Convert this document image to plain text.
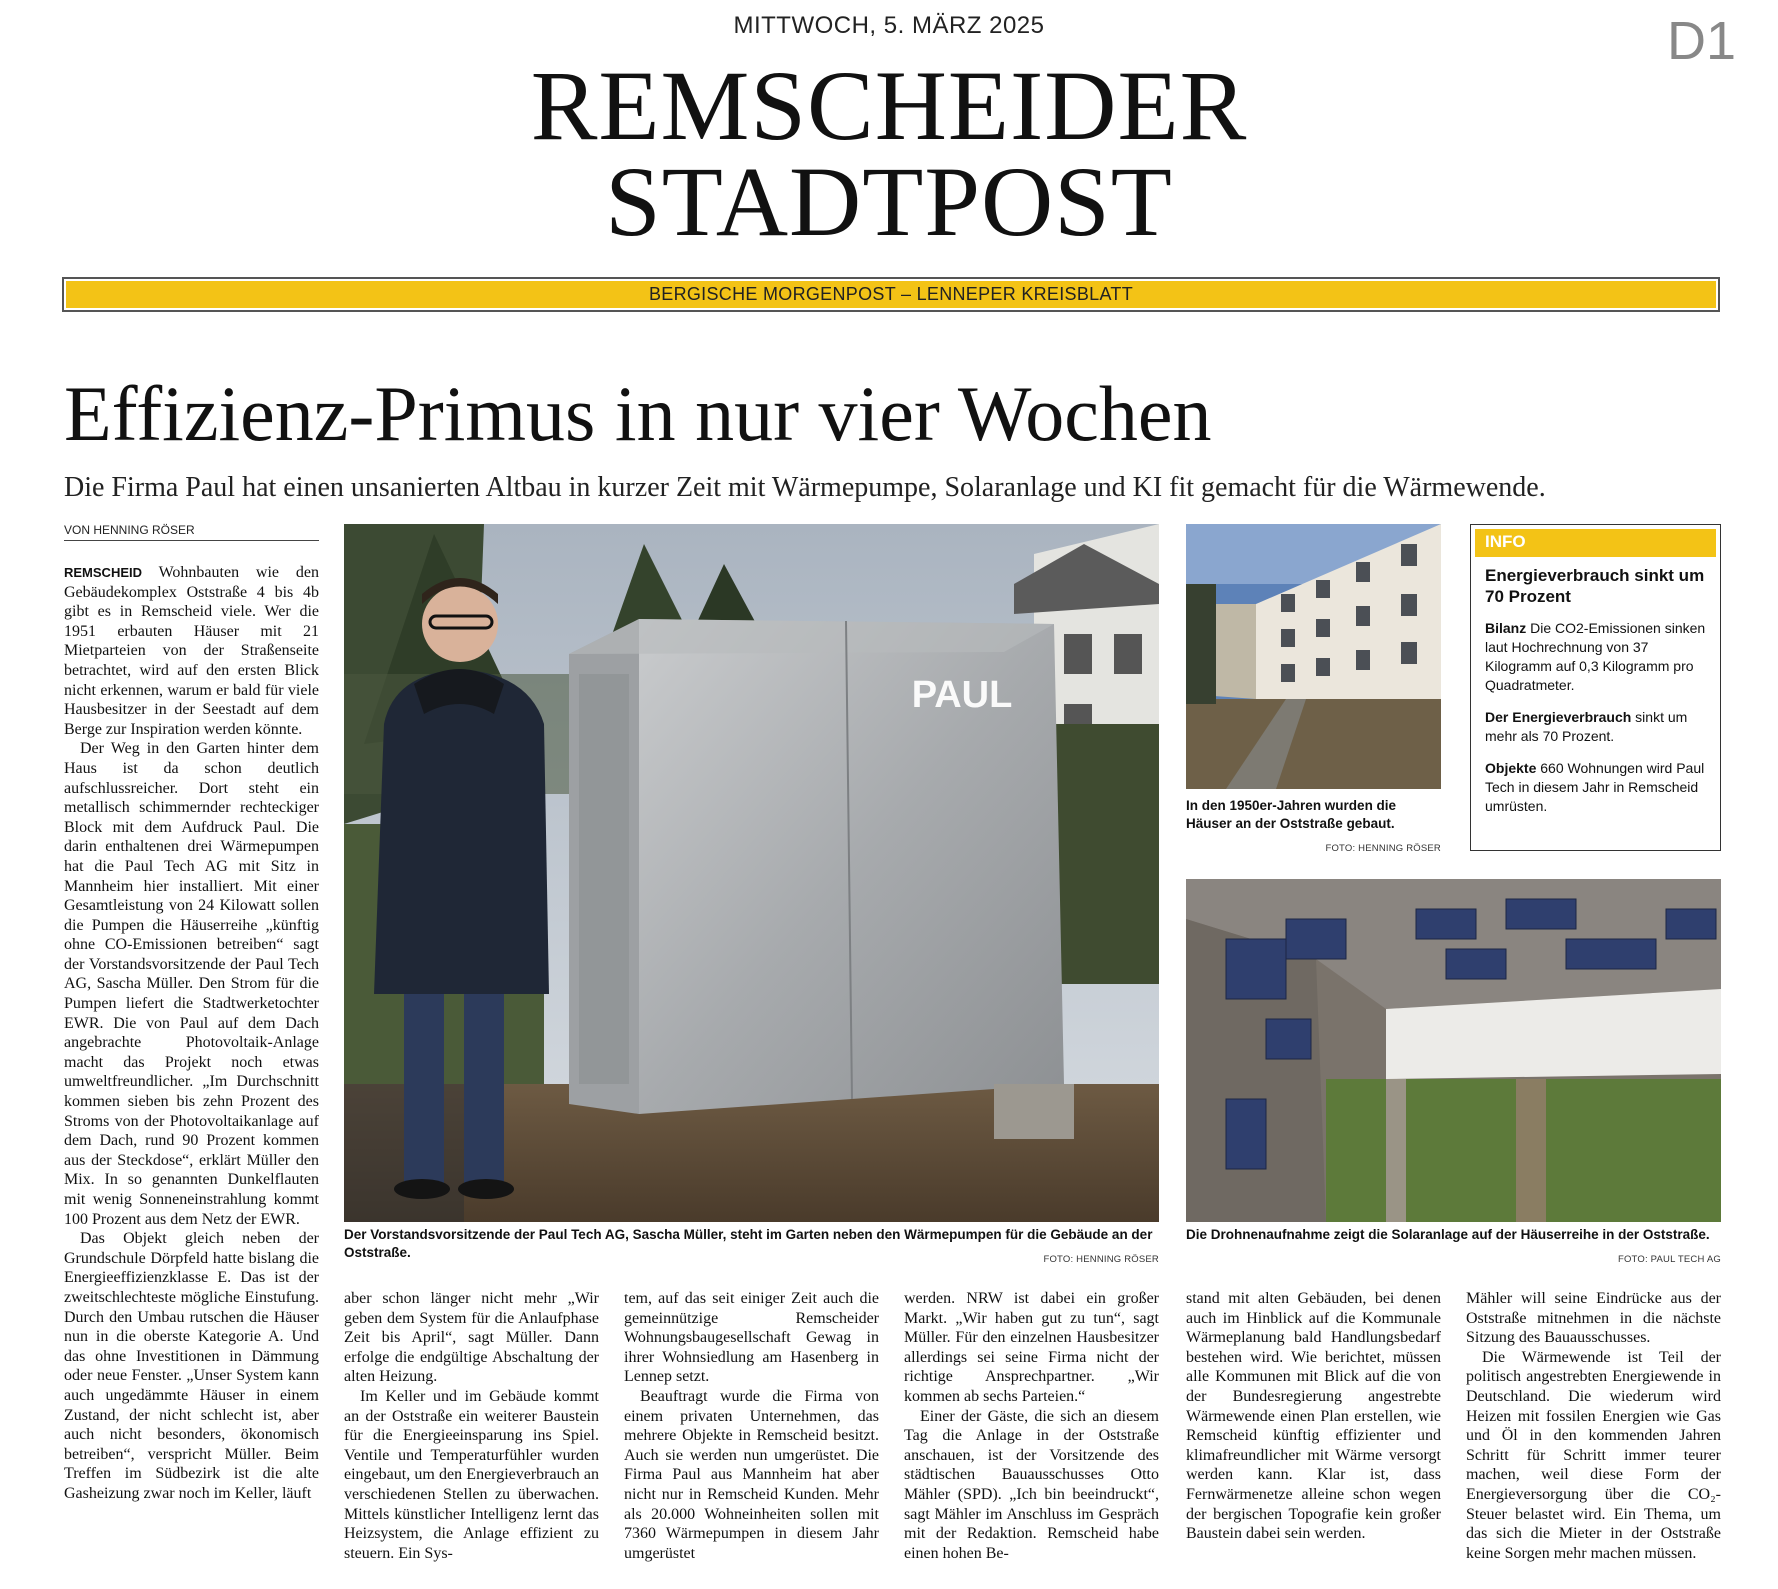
MITTWOCH, 5. MÄRZ 2025	D1
REMSCHEIDER
STADTPOST
BERGISCHE MORGENPOST – LENNEPER KREISBLATT
Effizienz-Primus in nur vier Wochen
Die Firma Paul hat einen unsanierten Altbau in kurzer Zeit mit Wärmepumpe, Solaranlage und KI fit gemacht für die Wärmewende.
VON HENNING RÖSER

REMSCHEID Wohnbauten wie den Gebäudekomplex Oststraße 4 bis 4b gibt es in Remscheid viele. Wer die 1951 erbauten Häuser mit 21 Mietparteien von der Straßenseite betrachtet, wird auf den ersten Blick nicht erkennen, warum er bald für viele Hausbesitzer in der Seestadt auf dem Berge zur Inspiration werden könnte.

Der Weg in den Garten hinter dem Haus ist da schon deutlich aufschlussreicher. Dort steht ein metallisch schimmernder rechteckiger Block mit dem Aufdruck Paul. Die darin enthaltenen drei Wärmepumpen hat die Paul Tech AG mit Sitz in Mannheim hier installiert. Mit einer Gesamtleistung von 24 Kilowatt sollen die Pumpen die Häuserreihe „künftig ohne CO-Emissionen betreiben“ sagt der Vorstandsvorsitzende der Paul Tech AG, Sascha Müller. Den Strom für die Pumpen liefert die Stadtwerketochter EWR. Die von Paul auf dem Dach angebrachte Photovoltaik-Anlage macht das Projekt noch etwas umweltfreundlicher. „Im Durchschnitt kommen sieben bis zehn Prozent des Stroms von der Photovoltaikanlage auf dem Dach, rund 90 Prozent kommen aus der Steckdose“, erklärt Müller den Mix. In so genannten Dunkelflauten mit wenig Sonneneinstrahlung kommt 100 Prozent aus dem Netz der EWR.

Das Objekt gleich neben der Grundschule Dörpfeld hatte bislang die Energieeffizienzklasse E. Das ist der zweitschlechteste mögliche Einstufung. Durch den Umbau rutschen die Häuser nun in die oberste Kategorie A. Und das ohne Investitionen in Dämmung oder neue Fenster. „Unser System kann auch ungedämmte Häuser in einem Zustand, der nicht schlecht ist, aber auch nicht besonders, ökonomisch betreiben“, verspricht Müller. Beim Treffen im Südbezirk ist die alte Gasheizung zwar noch im Keller, läuft

PAUL
Der Vorstandsvorsitzende der Paul Tech AG, Sascha Müller, steht im Garten neben den Wärmepumpen für die Gebäude an der Oststraße.	FOTO: HENNING RÖSER
In den 1950er-Jahren wurden die Häuser an der Oststraße gebaut.
FOTO: HENNING RÖSER
INFO
Energieverbrauch sinkt um 70 Prozent
Bilanz Die CO2-Emissionen sinken laut Hochrechnung von 37 Kilogramm auf 0,3 Kilogramm pro Quadratmeter.
Der Energieverbrauch sinkt um mehr als 70 Prozent.
Objekte 660 Wohnungen wird Paul Tech in diesem Jahr in Remscheid umrüsten.
Die Drohnenaufnahme zeigt die Solaranlage auf der Häuserreihe in der Oststraße.
FOTO: PAUL TECH AG

aber schon länger nicht mehr „Wir geben dem System für die Anlaufphase Zeit bis April“, sagt Müller. Dann erfolge die endgültige Abschaltung der alten Heizung.

Im Keller und im Gebäude kommt an der Oststraße ein weiterer Baustein für die Energieeinsparung ins Spiel. Ventile und Temperaturfühler wurden eingebaut, um den Energieverbrauch an verschiedenen Stellen zu überwachen. Mittels künstlicher Intelligenz lernt das Heizsystem, die Anlage effizient zu steuern. Ein Sys-

tem, auf das seit einiger Zeit auch die gemeinnützige Remscheider Wohnungsbaugesellschaft Gewag in ihrer Wohnsiedlung am Hasenberg in Lennep setzt.

Beauftragt wurde die Firma von einem privaten Unternehmen, das mehrere Objekte in Remscheid besitzt. Auch sie werden nun umgerüstet. Die Firma Paul aus Mannheim hat aber nicht nur in Remscheid Kunden. Mehr als 20.000 Wohneinheiten sollen mit 7360 Wärmepumpen in diesem Jahr umgerüstet

werden. NRW ist dabei ein großer Markt. „Wir haben gut zu tun“, sagt Müller. Für den einzelnen Hausbesitzer allerdings sei seine Firma nicht der richtige Ansprechpartner. „Wir kommen ab sechs Parteien.“

Einer der Gäste, die sich an diesem Tag die Anlage in der Oststraße anschauen, ist der Vorsitzende des städtischen Bauausschusses Otto Mähler (SPD). „Ich bin beeindruckt“, sagt Mähler im Anschluss im Gespräch mit der Redaktion. Remscheid habe einen hohen Be-

stand mit alten Gebäuden, bei denen auch im Hinblick auf die Kommunale Wärmeplanung bald Handlungsbedarf bestehen wird. Wie berichtet, müssen alle Kommunen mit Blick auf die von der Bundesregierung angestrebte Wärmewende einen Plan erstellen, wie Remscheid künftig effizienter und klimafreundlicher mit Wärme versorgt werden kann. Klar ist, dass Fernwärmenetze alleine schon wegen der bergischen Topografie kein großer Baustein dabei sein werden.

Mähler will seine Eindrücke aus der Oststraße mitnehmen in die nächste Sitzung des Bauausschusses.

Die Wärmewende ist Teil der politisch angestrebten Energiewende in Deutschland. Die wiederum wird Heizen mit fossilen Energien wie Gas und Öl in den kommenden Jahren Schritt für Schritt immer teurer machen, weil diese Form der Energieversorgung über die CO₂-Steuer belastet wird. Ein Thema, um das sich die Mieter in der Oststraße keine Sorgen mehr machen müssen.
